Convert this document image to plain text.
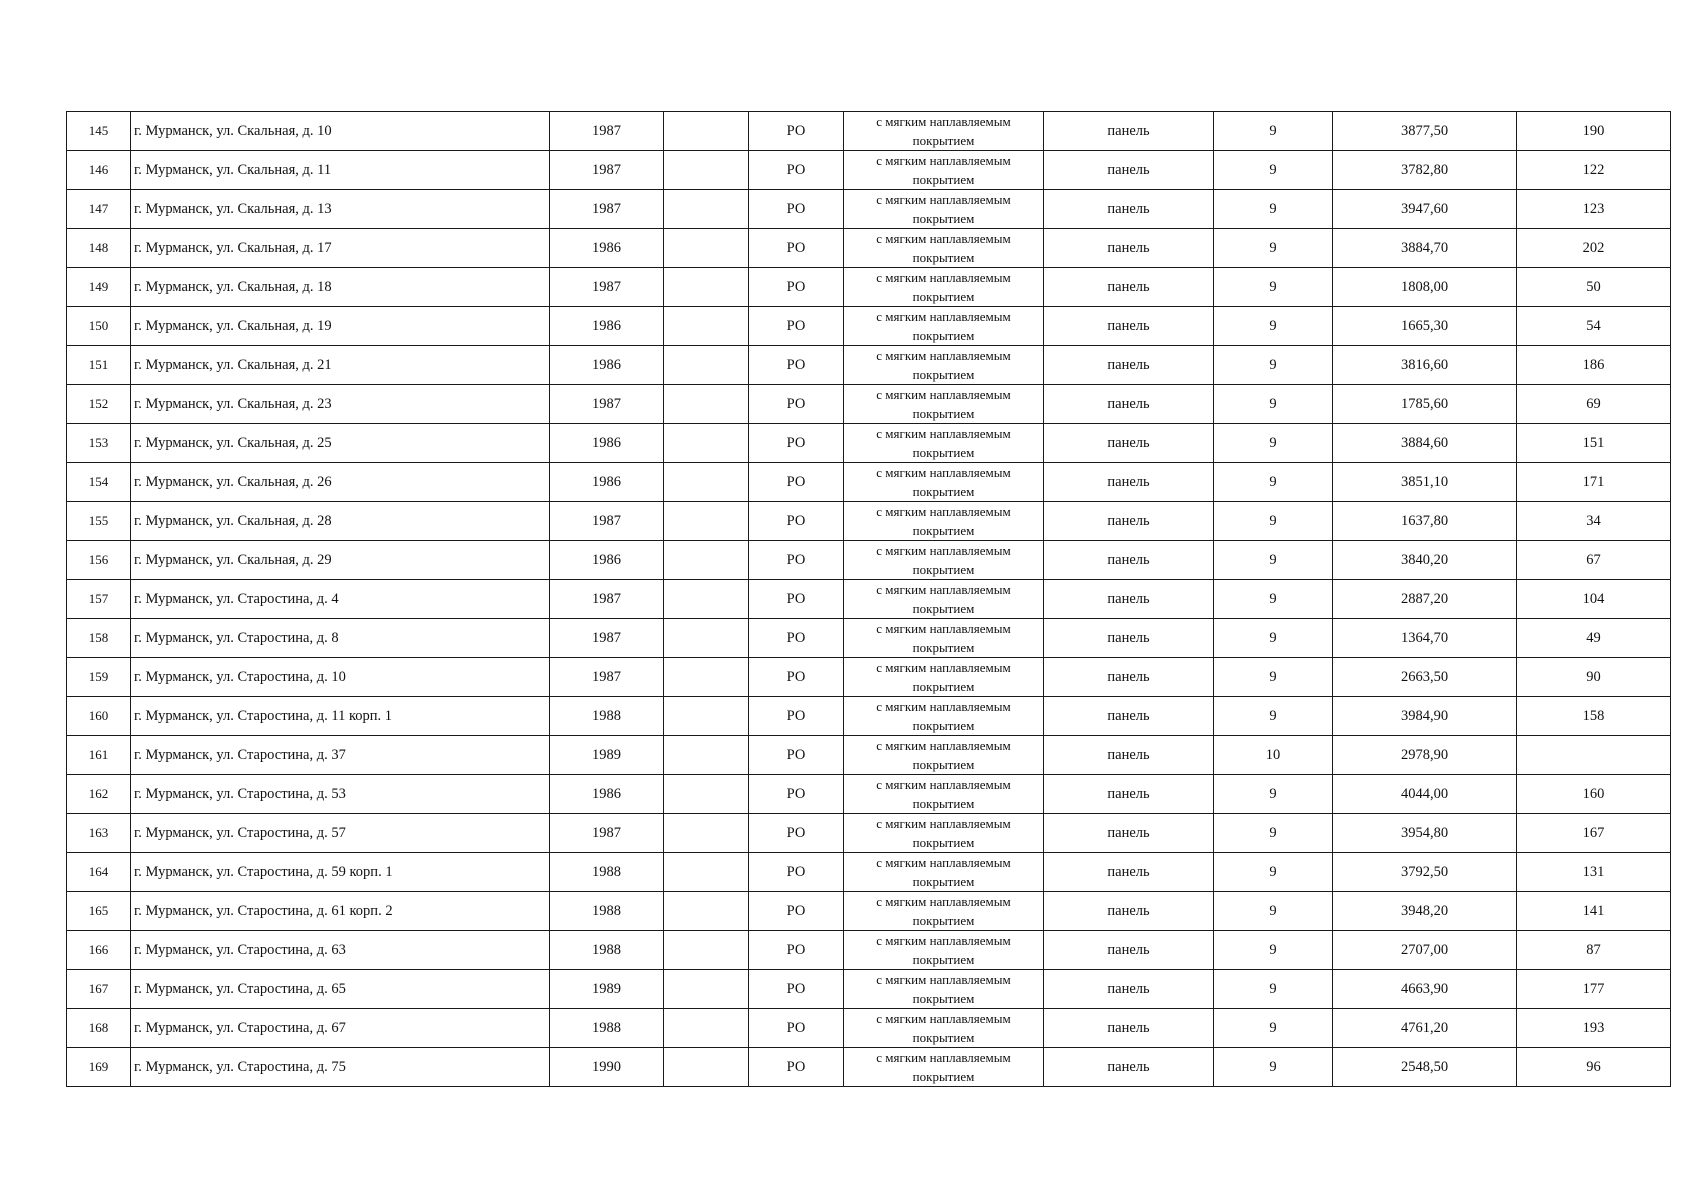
145	г. Мурманск, ул. Скальная, д. 10	1987		РО	с мягким наплавляемым покрытием	панель	9	3877,50	190
146	г. Мурманск, ул. Скальная, д. 11	1987		РО	с мягким наплавляемым покрытием	панель	9	3782,80	122
147	г. Мурманск, ул. Скальная, д. 13	1987		РО	с мягким наплавляемым покрытием	панель	9	3947,60	123
148	г. Мурманск, ул. Скальная, д. 17	1986		РО	с мягким наплавляемым покрытием	панель	9	3884,70	202
149	г. Мурманск, ул. Скальная, д. 18	1987		РО	с мягким наплавляемым покрытием	панель	9	1808,00	50
150	г. Мурманск, ул. Скальная, д. 19	1986		РО	с мягким наплавляемым покрытием	панель	9	1665,30	54
151	г. Мурманск, ул. Скальная, д. 21	1986		РО	с мягким наплавляемым покрытием	панель	9	3816,60	186
152	г. Мурманск, ул. Скальная, д. 23	1987		РО	с мягким наплавляемым покрытием	панель	9	1785,60	69
153	г. Мурманск, ул. Скальная, д. 25	1986		РО	с мягким наплавляемым покрытием	панель	9	3884,60	151
154	г. Мурманск, ул. Скальная, д. 26	1986		РО	с мягким наплавляемым покрытием	панель	9	3851,10	171
155	г. Мурманск, ул. Скальная, д. 28	1987		РО	с мягким наплавляемым покрытием	панель	9	1637,80	34
156	г. Мурманск, ул. Скальная, д. 29	1986		РО	с мягким наплавляемым покрытием	панель	9	3840,20	67
157	г. Мурманск, ул. Старостина, д. 4	1987		РО	с мягким наплавляемым покрытием	панель	9	2887,20	104
158	г. Мурманск, ул. Старостина, д. 8	1987		РО	с мягким наплавляемым покрытием	панель	9	1364,70	49
159	г. Мурманск, ул. Старостина, д. 10	1987		РО	с мягким наплавляемым покрытием	панель	9	2663,50	90
160	г. Мурманск, ул. Старостина, д. 11 корп. 1	1988		РО	с мягким наплавляемым покрытием	панель	9	3984,90	158
161	г. Мурманск, ул. Старостина, д. 37	1989		РО	с мягким наплавляемым покрытием	панель	10	2978,90	
162	г. Мурманск, ул. Старостина, д. 53	1986		РО	с мягким наплавляемым покрытием	панель	9	4044,00	160
163	г. Мурманск, ул. Старостина, д. 57	1987		РО	с мягким наплавляемым покрытием	панель	9	3954,80	167
164	г. Мурманск, ул. Старостина, д. 59 корп. 1	1988		РО	с мягким наплавляемым покрытием	панель	9	3792,50	131
165	г. Мурманск, ул. Старостина, д. 61 корп. 2	1988		РО	с мягким наплавляемым покрытием	панель	9	3948,20	141
166	г. Мурманск, ул. Старостина, д. 63	1988		РО	с мягким наплавляемым покрытием	панель	9	2707,00	87
167	г. Мурманск, ул. Старостина, д. 65	1989		РО	с мягким наплавляемым покрытием	панель	9	4663,90	177
168	г. Мурманск, ул. Старостина, д. 67	1988		РО	с мягким наплавляемым покрытием	панель	9	4761,20	193
169	г. Мурманск, ул. Старостина, д. 75	1990		РО	с мягким наплавляемым покрытием	панель	9	2548,50	96
